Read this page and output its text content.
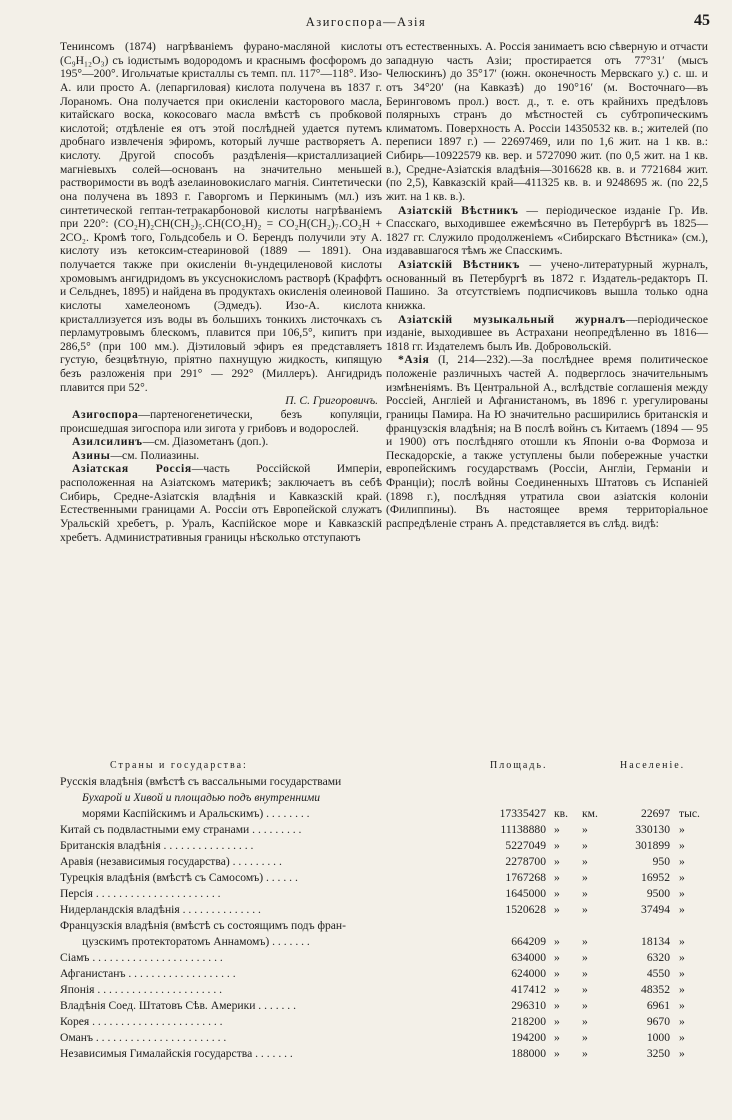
Азигоспора—Азія	45

Тенинсомъ (1874) нагрѣваніемъ фурано-масляной кислоты (C₉H₁₂O₃) съ іодистымъ водородомъ и краснымъ фосфоромъ до 195°—200°. Игольчатые кристаллы съ темп. пл. 117°—118°. Изо-А. или просто А. (лепаргиловая) кислота получена въ 1837 г. Лораномъ. Она получается при окисленіи касторового масла, китайскаго воска, кокосоваго масла вмѣстѣ съ пробковой кислотой; отдѣленіе ея отъ этой послѣдней удается путемъ дробнаго извлеченія эфиромъ, который лучше растворяетъ А. кислоту. Другой способъ раздѣленія—кристаллизацией магніевыхъ солей—основанъ на значительно меньшей растворимости въ водѣ азелаиновокислаго магнія. Синтетически она получена въ 1893 г. Гаворгомъ и Перкинымъ (мл.) изъ синтетической гептан-тетракарбоновой кислоты нагрѣваніемъ при 220°: (CO₂H)₂CH(CH₂)₅.CH(CO₂H)₂ = CO₂H(CH₂)₇.CO₂H + 2CO₂. Кромѣ того, Гольдсобель и О. Берендъ получили эту А. кислоту изъ кетоксим-стеариновой (1889 — 1891). Она получается также при окисленіи θι-ундециленовой кислоты хромовымъ ангидридомъ въ уксуснокисломъ растворѣ (Краффтъ и Сельднеъ, 1895) и найдена въ продуктахъ окисленія олеиновой кислоты хамелеономъ (Эдмедъ). Изо-А. кислота кристаллизуется изъ воды въ большихъ тонкихъ листочкахъ съ перламутровымъ блескомъ, плавится при 106,5°, кипитъ при 286,5° (при 100 мм.). Діэтиловый эфиръ ея представляетъ густую, безцвѣтную, пріятно пахнущую жидкость, кипящую безъ разложенія при 291° — 292° (Миллеръ). Ангидридъ плавится при 52°.

П. С. Григоровичъ.

Азигоспора—партеногенетически, безъ копуляціи, происшедшая зигоспора или зигота у грибовъ и водорослей.

Азилсилинъ—см. Діазометанъ (доп.).

Азины—см. Полиазины.

Азіатская Россія—часть Россійской Имперіи, расположенная на Азіатскомъ материкѣ; заключаетъ въ себѣ Сибирь, Средне-Азіатскія владѣнія и Кавказскій край. Естественными границами А. Россіи отъ Европейской служатъ Уральскій хребетъ, р. Уралъ, Каспійское море и Кавказскій хребетъ. Административныя границы нѣсколько отступаютъ

отъ естественныхъ. А. Россія занимаетъ всю сѣверную и отчасти западную часть Азіи; простирается отъ 77°31′ (мысъ Челюскинъ) до 35°17′ (южн. оконечность Мервскаго у.) с. ш. и отъ 34°20′ (на Кавказѣ) до 190°16′ (м. Восточнаго—въ Беринговомъ прол.) вост. д., т. е. отъ крайнихъ предѣловъ полярныхъ странъ до мѣстностей съ субтропическимъ климатомъ. Поверхность А. Россіи 14350532 кв. в.; жителей (по переписи 1897 г.) — 22697469, или по 1,6 жит. на 1 кв. в.: Сибирь—10922579 кв. вер. и 5727090 жит. (по 0,5 жит. на 1 кв. в.), Средне-Азіатскія владѣнія—3016628 кв. в. и 7721684 жит. (по 2,5), Кавказскій край—411325 кв. в. и 9248695 ж. (по 22,5 жит. на 1 кв. в.).

Азіатскій Вѣстникъ — періодическое изданіе Гр. Ив. Спасскаго, выходившее ежемѣсячно въ Петербургѣ въ 1825—1827 гг. Служило продолженіемъ «Сибирскаго Вѣстника» (см.), издававшагося тѣмъ же Спасскимъ.

Азіатскій Вѣстникъ — учено-литературный журналъ, основанный въ Петербургѣ въ 1872 г. Издатель-редакторъ П. Пашино. За отсутствіемъ подписчиковъ вышла только одна книжка.

Азіатскій музыкальный журналъ—періодическое изданіе, выходившее въ Астрахани неопредѣленно въ 1816—1818 гг. Издателемъ былъ Ив. Добровольскій.

*Азія (I, 214—232).—За послѣднее время политическое положеніе различныхъ частей А. подверглось значительнымъ измѣненіямъ. Въ Центральной А., вслѣдствіе соглашенія между Россіей, Англіей и Афганистаномъ, въ 1896 г. урегулированы границы Памира. На Ю значительно расширились британскія и французскія владѣнія; на В послѣ войнъ съ Китаемъ (1894 — 95 и 1900) отъ послѣдняго отошли къ Японіи о-ва Формоза и Пескадорскіе, а также уступлены были побережные участки европейскимъ государствамъ (Россіи, Англіи, Германіи и Франціи); послѣ войны Соединенныхъ Штатовъ съ Испаніей (1898 г.), послѣдняя утратила свои азіатскія колоніи (Филиппины). Въ настоящее время территоріальное распредѣленіе странъ А. представляется въ слѣд. видѣ:

Страны и государства:	Площадь.	Населеніе.
Русскія владѣнія (вмѣстѣ съ вассальными государствами
Бухарой и Хивой и площадью подъ внутренними
морями Каспійскимъ и Аральскимъ) . . . . . . . .	17335427 кв. км.	22697 тыс.
Китай съ подвластными ему странами . . . . . . . . .	11138880 » »	330130 »
Британскія владѣнія . . . . . . . . . . . . . . . .	5227049 » »	301899 »
Аравія (независимыя государства) . . . . . . . . .	2278700 » »	950 »
Турецкія владѣнія (вмѣстѣ съ Самосомъ) . . . . . .	1767268 » »	16952 »
Персія . . . . . . . . . . . . . . . . . . . . . .	1645000 » »	9500 »
Нидерландскія владѣнія . . . . . . . . . . . . . .	1520628 » »	37494 »
Французскія владѣнія (вмѣстѣ съ состоящимъ подъ фран-
цузскимъ протекторатомъ Аннамомъ) . . . . . . .	664209 » »	18134 »
Сіамъ . . . . . . . . . . . . . . . . . . . . . . .	634000 » »	6320 »
Афганистанъ . . . . . . . . . . . . . . . . . . .	624000 » »	4550 »
Японія . . . . . . . . . . . . . . . . . . . . . .	417412 » »	48352 »
Владѣнія Соед. Штатовъ Сѣв. Америки . . . . . . .	296310 » »	6961 »
Корея . . . . . . . . . . . . . . . . . . . . . . .	218200 » »	9670 »
Оманъ . . . . . . . . . . . . . . . . . . . . . . .	194200 » »	1000 »
Независимыя Гималайскія государства . . . . . . .	188000 » »	3250 »
